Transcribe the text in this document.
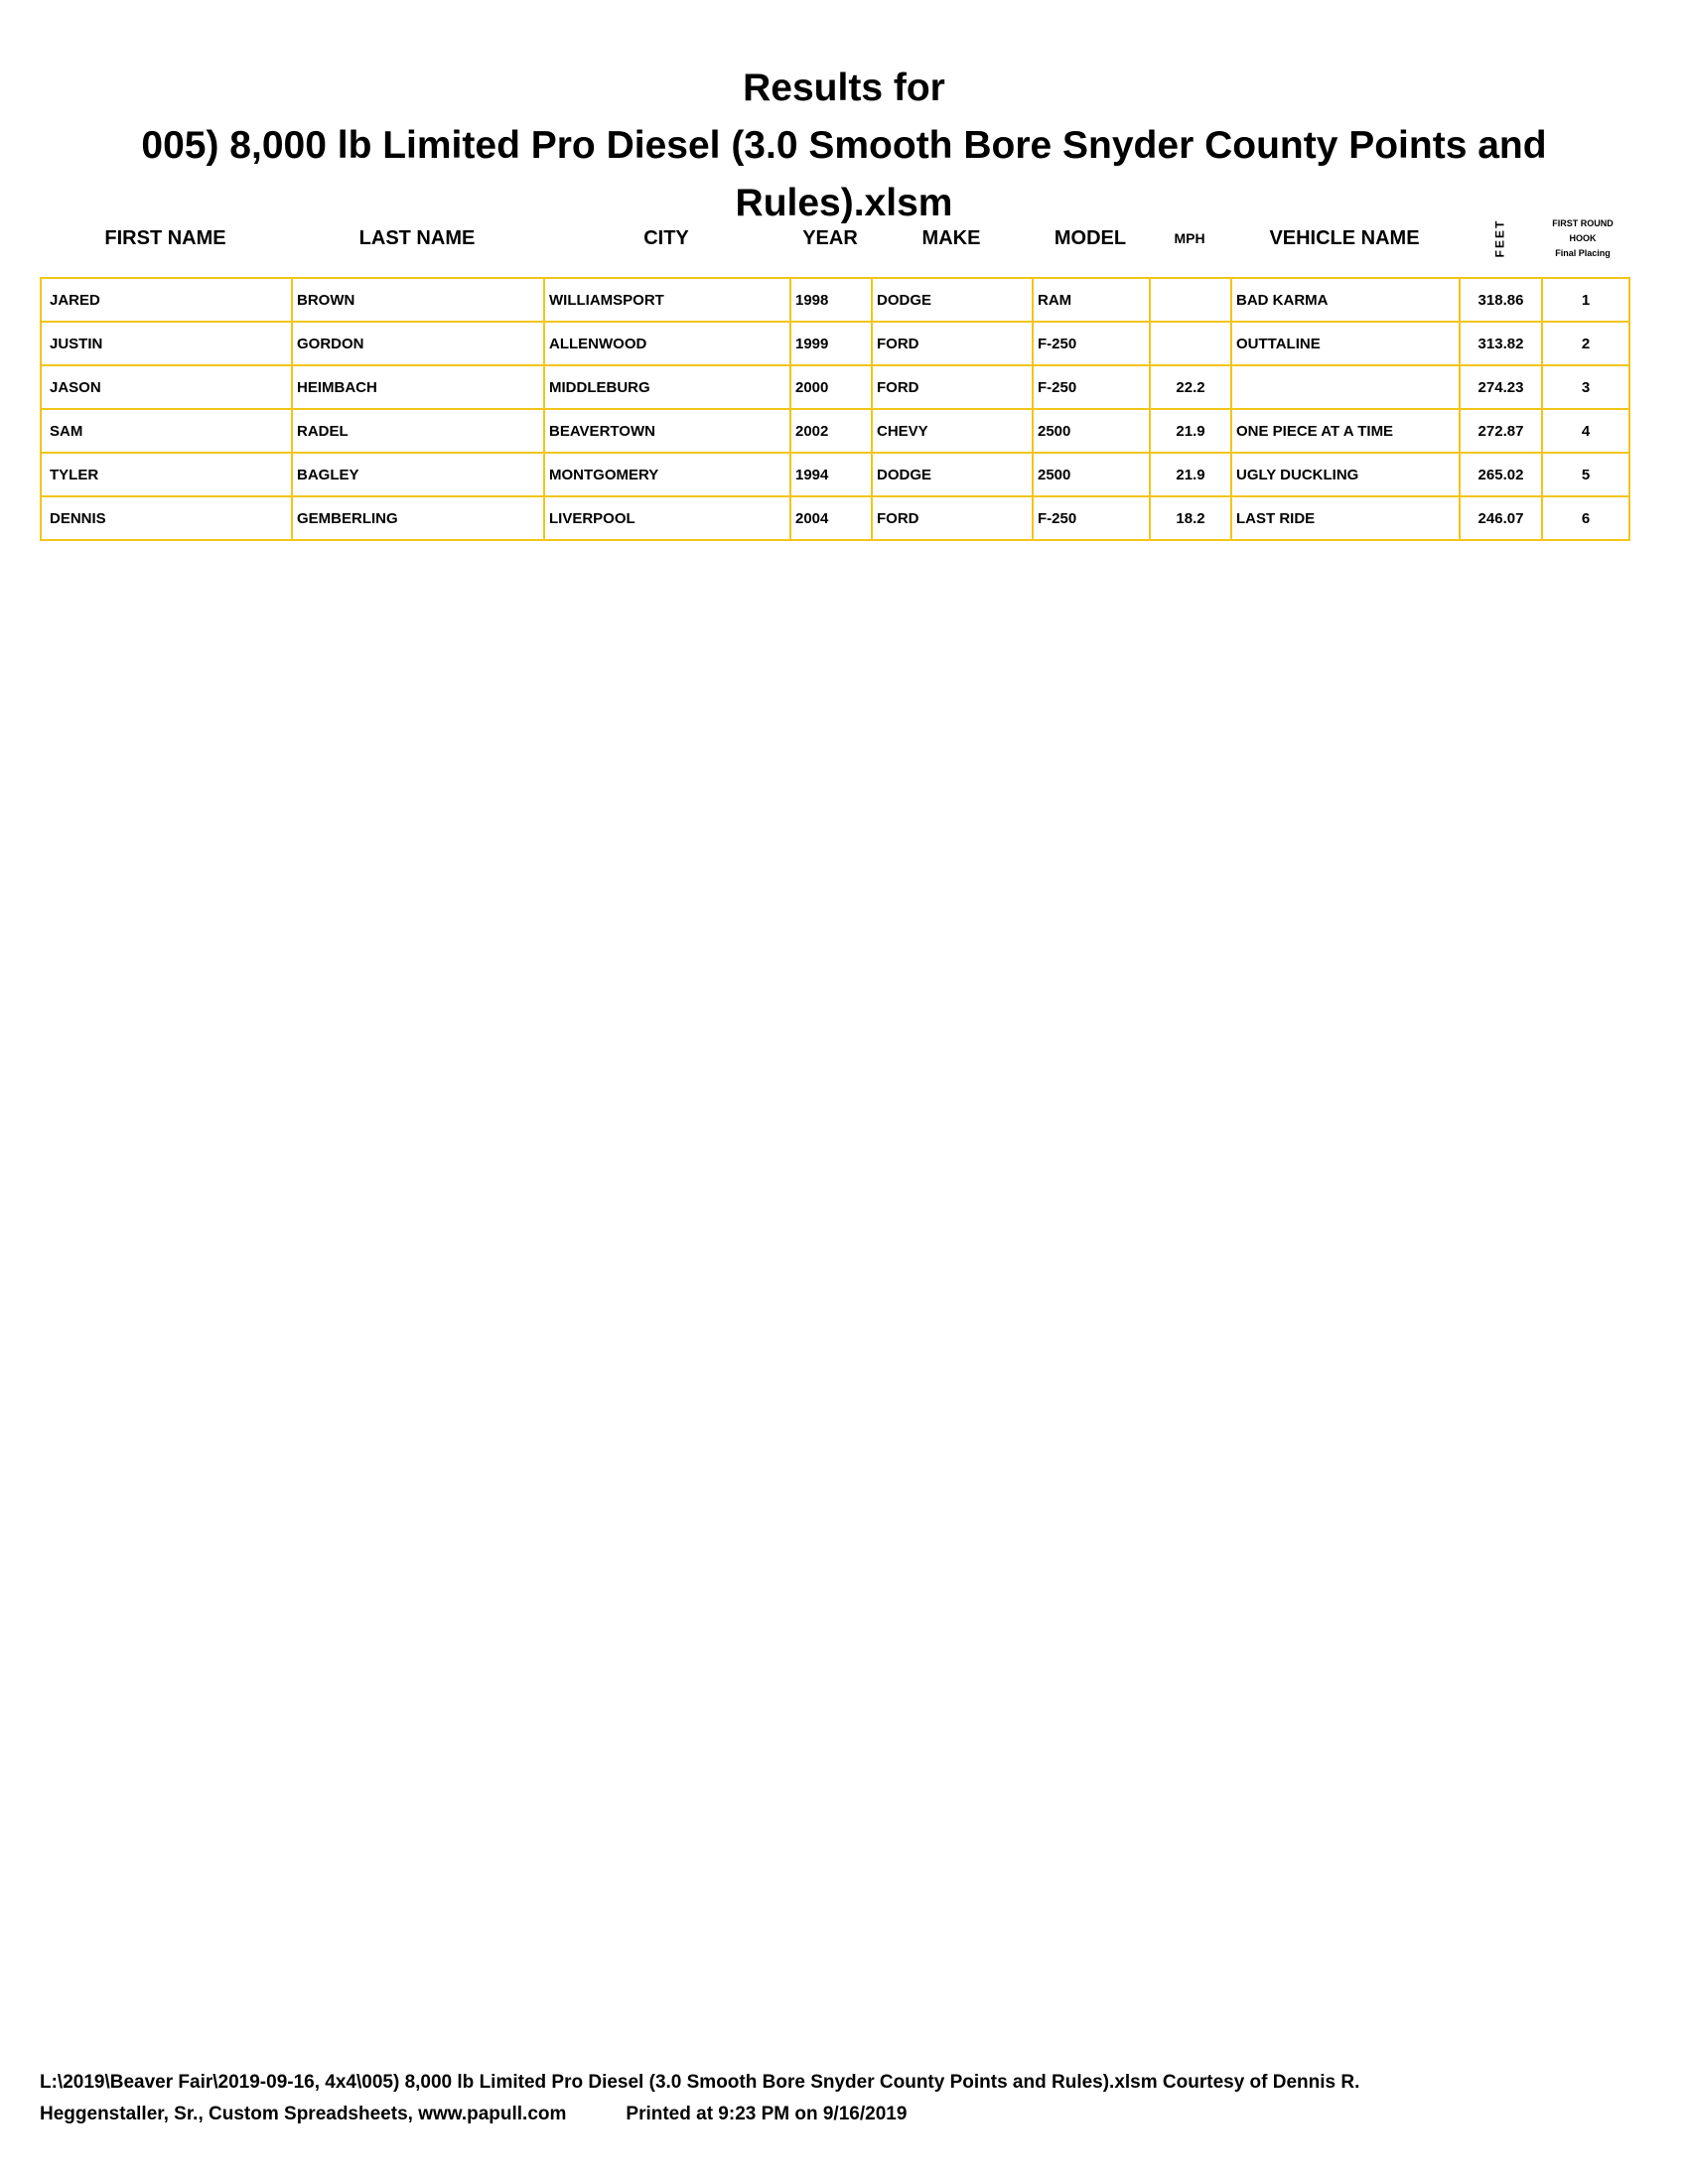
Results for
005) 8,000 lb Limited Pro Diesel (3.0 Smooth Bore Snyder County Points and
Rules).xlsm
FIRST NAME	LAST NAME	CITY	YEAR	MAKE	MODEL	MPH	VEHICLE NAME	FEET	FIRST ROUND
HOOK
Final Placing
JARED	BROWN	WILLIAMSPORT	1998	DODGE	RAM		BAD KARMA	318.86	1
JUSTIN	GORDON	ALLENWOOD	1999	FORD	F-250		OUTTALINE	313.82	2
JASON	HEIMBACH	MIDDLEBURG	2000	FORD	F-250	22.2		274.23	3
SAM	RADEL	BEAVERTOWN	2002	CHEVY	2500	21.9	ONE PIECE AT A TIME	272.87	4
TYLER	BAGLEY	MONTGOMERY	1994	DODGE	2500	21.9	UGLY DUCKLING	265.02	5
DENNIS	GEMBERLING	LIVERPOOL	2004	FORD	F-250	18.2	LAST RIDE	246.07	6
L:\2019\Beaver Fair\2019-09-16, 4x4\005) 8,000 lb Limited Pro Diesel (3.0 Smooth Bore Snyder County Points and Rules).xlsm Courtesy of Dennis R.
Heggenstaller, Sr., Custom Spreadsheets, www.papull.com	Printed at 9:23 PM on 9/16/2019
